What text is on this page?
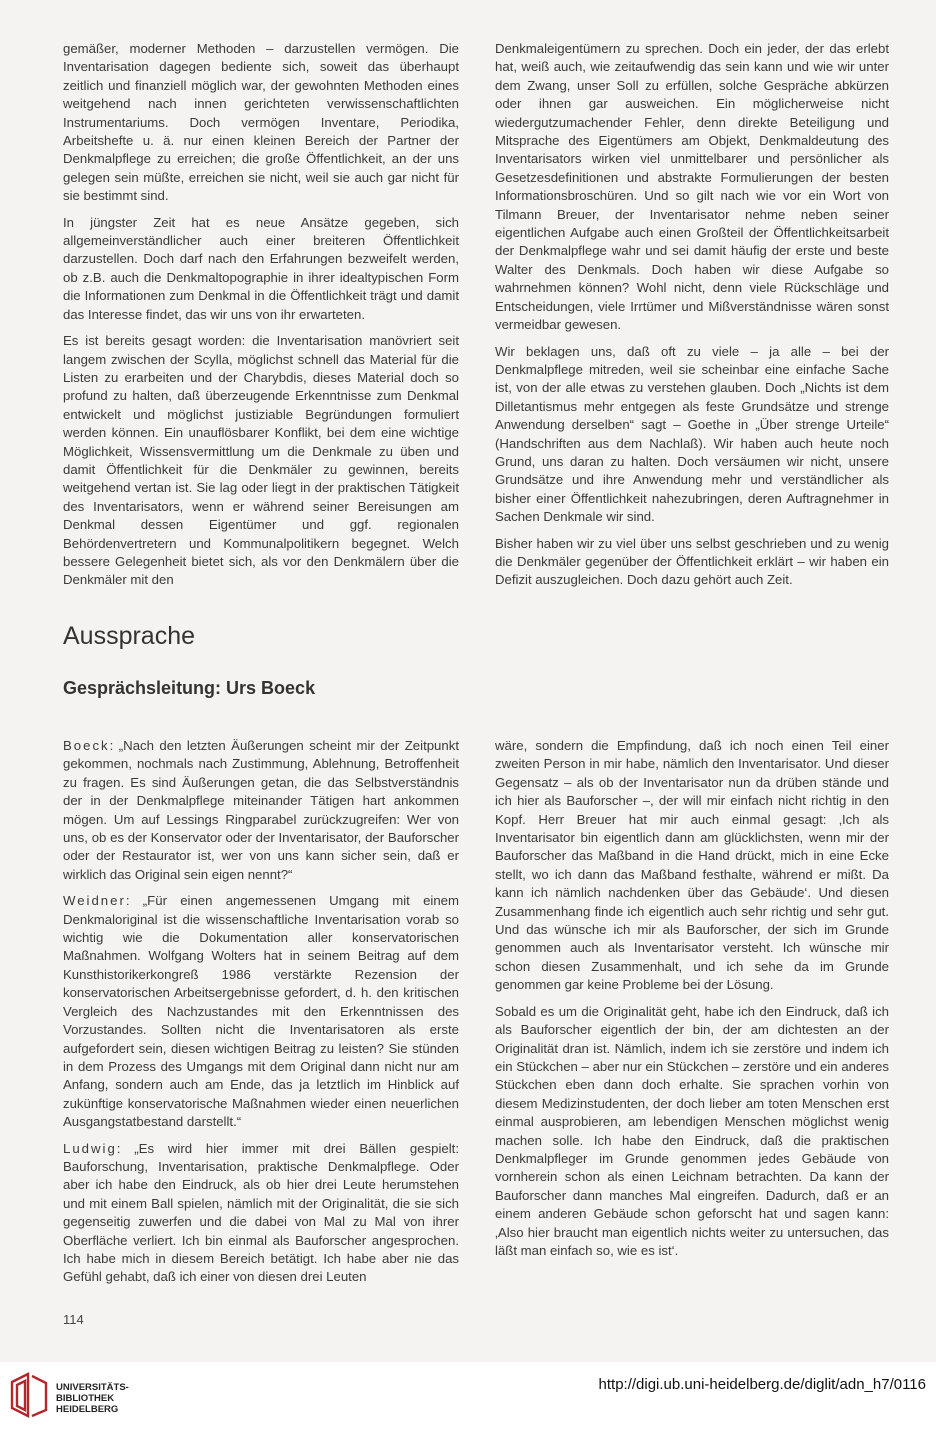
gemäßer, moderner Methoden – darzustellen vermögen. Die Inventarisation dagegen bediente sich, soweit das überhaupt zeitlich und finanziell möglich war, der gewohnten Methoden eines weitgehend nach innen gerichteten verwissenschaftlichten Instrumentariums. Doch vermögen Inventare, Periodika, Arbeitshefte u. ä. nur einen kleinen Bereich der Partner der Denkmalpflege zu erreichen; die große Öffentlichkeit, an der uns gelegen sein müßte, erreichen sie nicht, weil sie auch gar nicht für sie bestimmt sind.

In jüngster Zeit hat es neue Ansätze gegeben, sich allgemeinverständlicher auch einer breiteren Öffentlichkeit darzustellen. Doch darf nach den Erfahrungen bezweifelt werden, ob z.B. auch die Denkmaltopographie in ihrer idealtypischen Form die Informationen zum Denkmal in die Öffentlichkeit trägt und damit das Interesse findet, das wir uns von ihr erwarteten.

Es ist bereits gesagt worden: die Inventarisation manövriert seit langem zwischen der Scylla, möglichst schnell das Material für die Listen zu erarbeiten und der Charybdis, dieses Material doch so profund zu halten, daß überzeugende Erkenntnisse zum Denkmal entwickelt und möglichst justiziable Begründungen formuliert werden können. Ein unauflösbarer Konflikt, bei dem eine wichtige Möglichkeit, Wissensvermittlung um die Denkmale zu üben und damit Öffentlichkeit für die Denkmäler zu gewinnen, bereits weitgehend vertan ist. Sie lag oder liegt in der praktischen Tätigkeit des Inventarisators, wenn er während seiner Bereisungen am Denkmal dessen Eigentümer und ggf. regionalen Behördenvertretern und Kommunalpolitikern begegnet. Welch bessere Gelegenheit bietet sich, als vor den Denkmälern über die Denkmäler mit den

Denkmaleigentümern zu sprechen. Doch ein jeder, der das erlebt hat, weiß auch, wie zeitaufwendig das sein kann und wie wir unter dem Zwang, unser Soll zu erfüllen, solche Gespräche abkürzen oder ihnen gar ausweichen. Ein möglicherweise nicht wiedergutzumachender Fehler, denn direkte Beteiligung und Mitsprache des Eigentümers am Objekt, Denkmaldeutung des Inventarisators wirken viel unmittelbarer und persönlicher als Gesetzesdefinitionen und abstrakte Formulierungen der besten Informationsbroschüren. Und so gilt nach wie vor ein Wort von Tilmann Breuer, der Inventarisator nehme neben seiner eigentlichen Aufgabe auch einen Großteil der Öffentlichkeitsarbeit der Denkmalpflege wahr und sei damit häufig der erste und beste Walter des Denkmals. Doch haben wir diese Aufgabe so wahrnehmen können? Wohl nicht, denn viele Rückschläge und Entscheidungen, viele Irrtümer und Mißverständnisse wären sonst vermeidbar gewesen.

Wir beklagen uns, daß oft zu viele – ja alle – bei der Denkmalpflege mitreden, weil sie scheinbar eine einfache Sache ist, von der alle etwas zu verstehen glauben. Doch „Nichts ist dem Dilletantismus mehr entgegen als feste Grundsätze und strenge Anwendung derselben“ sagt – Goethe in „Über strenge Urteile“ (Handschriften aus dem Nachlaß). Wir haben auch heute noch Grund, uns daran zu halten. Doch versäumen wir nicht, unsere Grundsätze und ihre Anwendung mehr und verständlicher als bisher einer Öffentlichkeit nahezubringen, deren Auftragnehmer in Sachen Denkmale wir sind.

Bisher haben wir zu viel über uns selbst geschrieben und zu wenig die Denkmäler gegenüber der Öffentlichkeit erklärt – wir haben ein Defizit auszugleichen. Doch dazu gehört auch Zeit.

Aussprache
Gesprächsleitung: Urs Boeck

Boeck: „Nach den letzten Äußerungen scheint mir der Zeitpunkt gekommen, nochmals nach Zustimmung, Ablehnung, Betroffenheit zu fragen. Es sind Äußerungen getan, die das Selbstverständnis der in der Denkmalpflege miteinander Tätigen hart ankommen mögen. Um auf Lessings Ringparabel zurückzugreifen: Wer von uns, ob es der Konservator oder der Inventarisator, der Bauforscher oder der Restaurator ist, wer von uns kann sicher sein, daß er wirklich das Original sein eigen nennt?“

Weidner: „Für einen angemessenen Umgang mit einem Denkmaloriginal ist die wissenschaftliche Inventarisation vorab so wichtig wie die Dokumentation aller konservatorischen Maßnahmen. Wolfgang Wolters hat in seinem Beitrag auf dem Kunsthistorikerkongreß 1986 verstärkte Rezension der konservatorischen Arbeitsergebnisse gefordert, d. h. den kritischen Vergleich des Nachzustandes mit den Erkenntnissen des Vorzustandes. Sollten nicht die Inventarisatoren als erste aufgefordert sein, diesen wichtigen Beitrag zu leisten? Sie stünden in dem Prozess des Umgangs mit dem Original dann nicht nur am Anfang, sondern auch am Ende, das ja letztlich im Hinblick auf zukünftige konservatorische Maßnahmen wieder einen neuerlichen Ausgangstatbestand darstellt.“

Ludwig: „Es wird hier immer mit drei Bällen gespielt: Bauforschung, Inventarisation, praktische Denkmalpflege. Oder aber ich habe den Eindruck, als ob hier drei Leute herumstehen und mit einem Ball spielen, nämlich mit der Originalität, die sie sich gegenseitig zuwerfen und die dabei von Mal zu Mal von ihrer Oberfläche verliert. Ich bin einmal als Bauforscher angesprochen. Ich habe mich in diesem Bereich betätigt. Ich habe aber nie das Gefühl gehabt, daß ich einer von diesen drei Leuten

wäre, sondern die Empfindung, daß ich noch einen Teil einer zweiten Person in mir habe, nämlich den Inventarisator. Und dieser Gegensatz – als ob der Inventarisator nun da drüben stände und ich hier als Bauforscher –, der will mir einfach nicht richtig in den Kopf. Herr Breuer hat mir auch einmal gesagt: ‚Ich als Inventarisator bin eigentlich dann am glücklichsten, wenn mir der Bauforscher das Maßband in die Hand drückt, mich in eine Ecke stellt, wo ich dann das Maßband festhalte, während er mißt. Da kann ich nämlich nachdenken über das Gebäude‘. Und diesen Zusammenhang finde ich eigentlich auch sehr richtig und sehr gut. Und das wünsche ich mir als Bauforscher, der sich im Grunde genommen auch als Inventarisator versteht. Ich wünsche mir schon diesen Zusammenhalt, und ich sehe da im Grunde genommen gar keine Probleme bei der Lösung.

Sobald es um die Originalität geht, habe ich den Eindruck, daß ich als Bauforscher eigentlich der bin, der am dichtesten an der Originalität dran ist. Nämlich, indem ich sie zerstöre und indem ich ein Stückchen – aber nur ein Stückchen – zerstöre und ein anderes Stückchen eben dann doch erhalte. Sie sprachen vorhin von diesem Medizinstudenten, der doch lieber am toten Menschen erst einmal ausprobieren, am lebendigen Menschen möglichst wenig machen solle. Ich habe den Eindruck, daß die praktischen Denkmalpfleger im Grunde genommen jedes Gebäude von vornherein schon als einen Leichnam betrachten. Da kann der Bauforscher dann manches Mal eingreifen. Dadurch, daß er an einem anderen Gebäude schon geforscht hat und sagen kann: ‚Also hier braucht man eigentlich nichts weiter zu untersuchen, das läßt man einfach so, wie es ist‘.

114
UNIVERSITÄTS-
BIBLIOTHEK
HEIDELBERG
http://digi.ub.uni-heidelberg.de/diglit/adn_h7/0116
